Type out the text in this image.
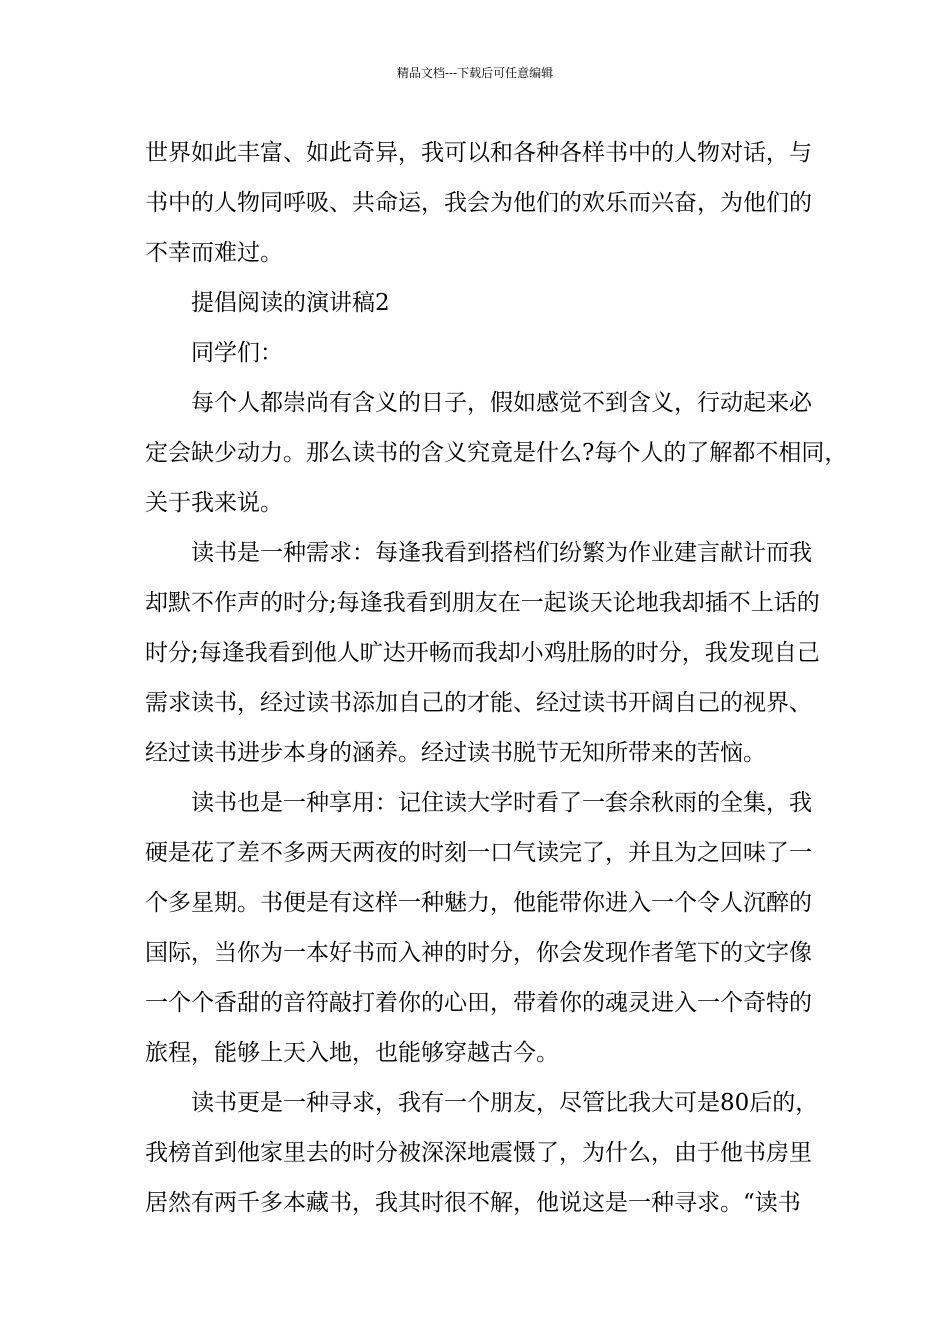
精品文档---下载后可任意编辑
世界如此丰富、如此奇异，我可以和各种各样书中的人物对话，与
书中的人物同呼吸、共命运，我会为他们的欢乐而兴奋，为他们的
不幸而难过。
提倡阅读的演讲稿2
同学们：
每个人都崇尚有含义的日子，假如感觉不到含义，行动起来必
定会缺少动力。那么读书的含义究竟是什么?每个人的了解都不相同，
关于我来说。
读书是一种需求：每逢我看到搭档们纷繁为作业建言献计而我
却默不作声的时分;每逢我看到朋友在一起谈天论地我却插不上话的
时分;每逢我看到他人旷达开畅而我却小鸡肚肠的时分，我发现自己
需求读书，经过读书添加自己的才能、经过读书开阔自己的视界、
经过读书进步本身的涵养。经过读书脱节无知所带来的苦恼。
读书也是一种享用：记住读大学时看了一套余秋雨的全集，我
硬是花了差不多两天两夜的时刻一口气读完了，并且为之回味了一
个多星期。书便是有这样一种魅力，他能带你进入一个令人沉醉的
国际，当你为一本好书而入神的时分，你会发现作者笔下的文字像
一个个香甜的音符敲打着你的心田，带着你的魂灵进入一个奇特的
旅程，能够上天入地，也能够穿越古今。
读书更是一种寻求，我有一个朋友，尽管比我大可是80后的，
我榜首到他家里去的时分被深深地震慑了，为什么，由于他书房里
居然有两千多本藏书，我其时很不解，他说这是一种寻求。“读书
